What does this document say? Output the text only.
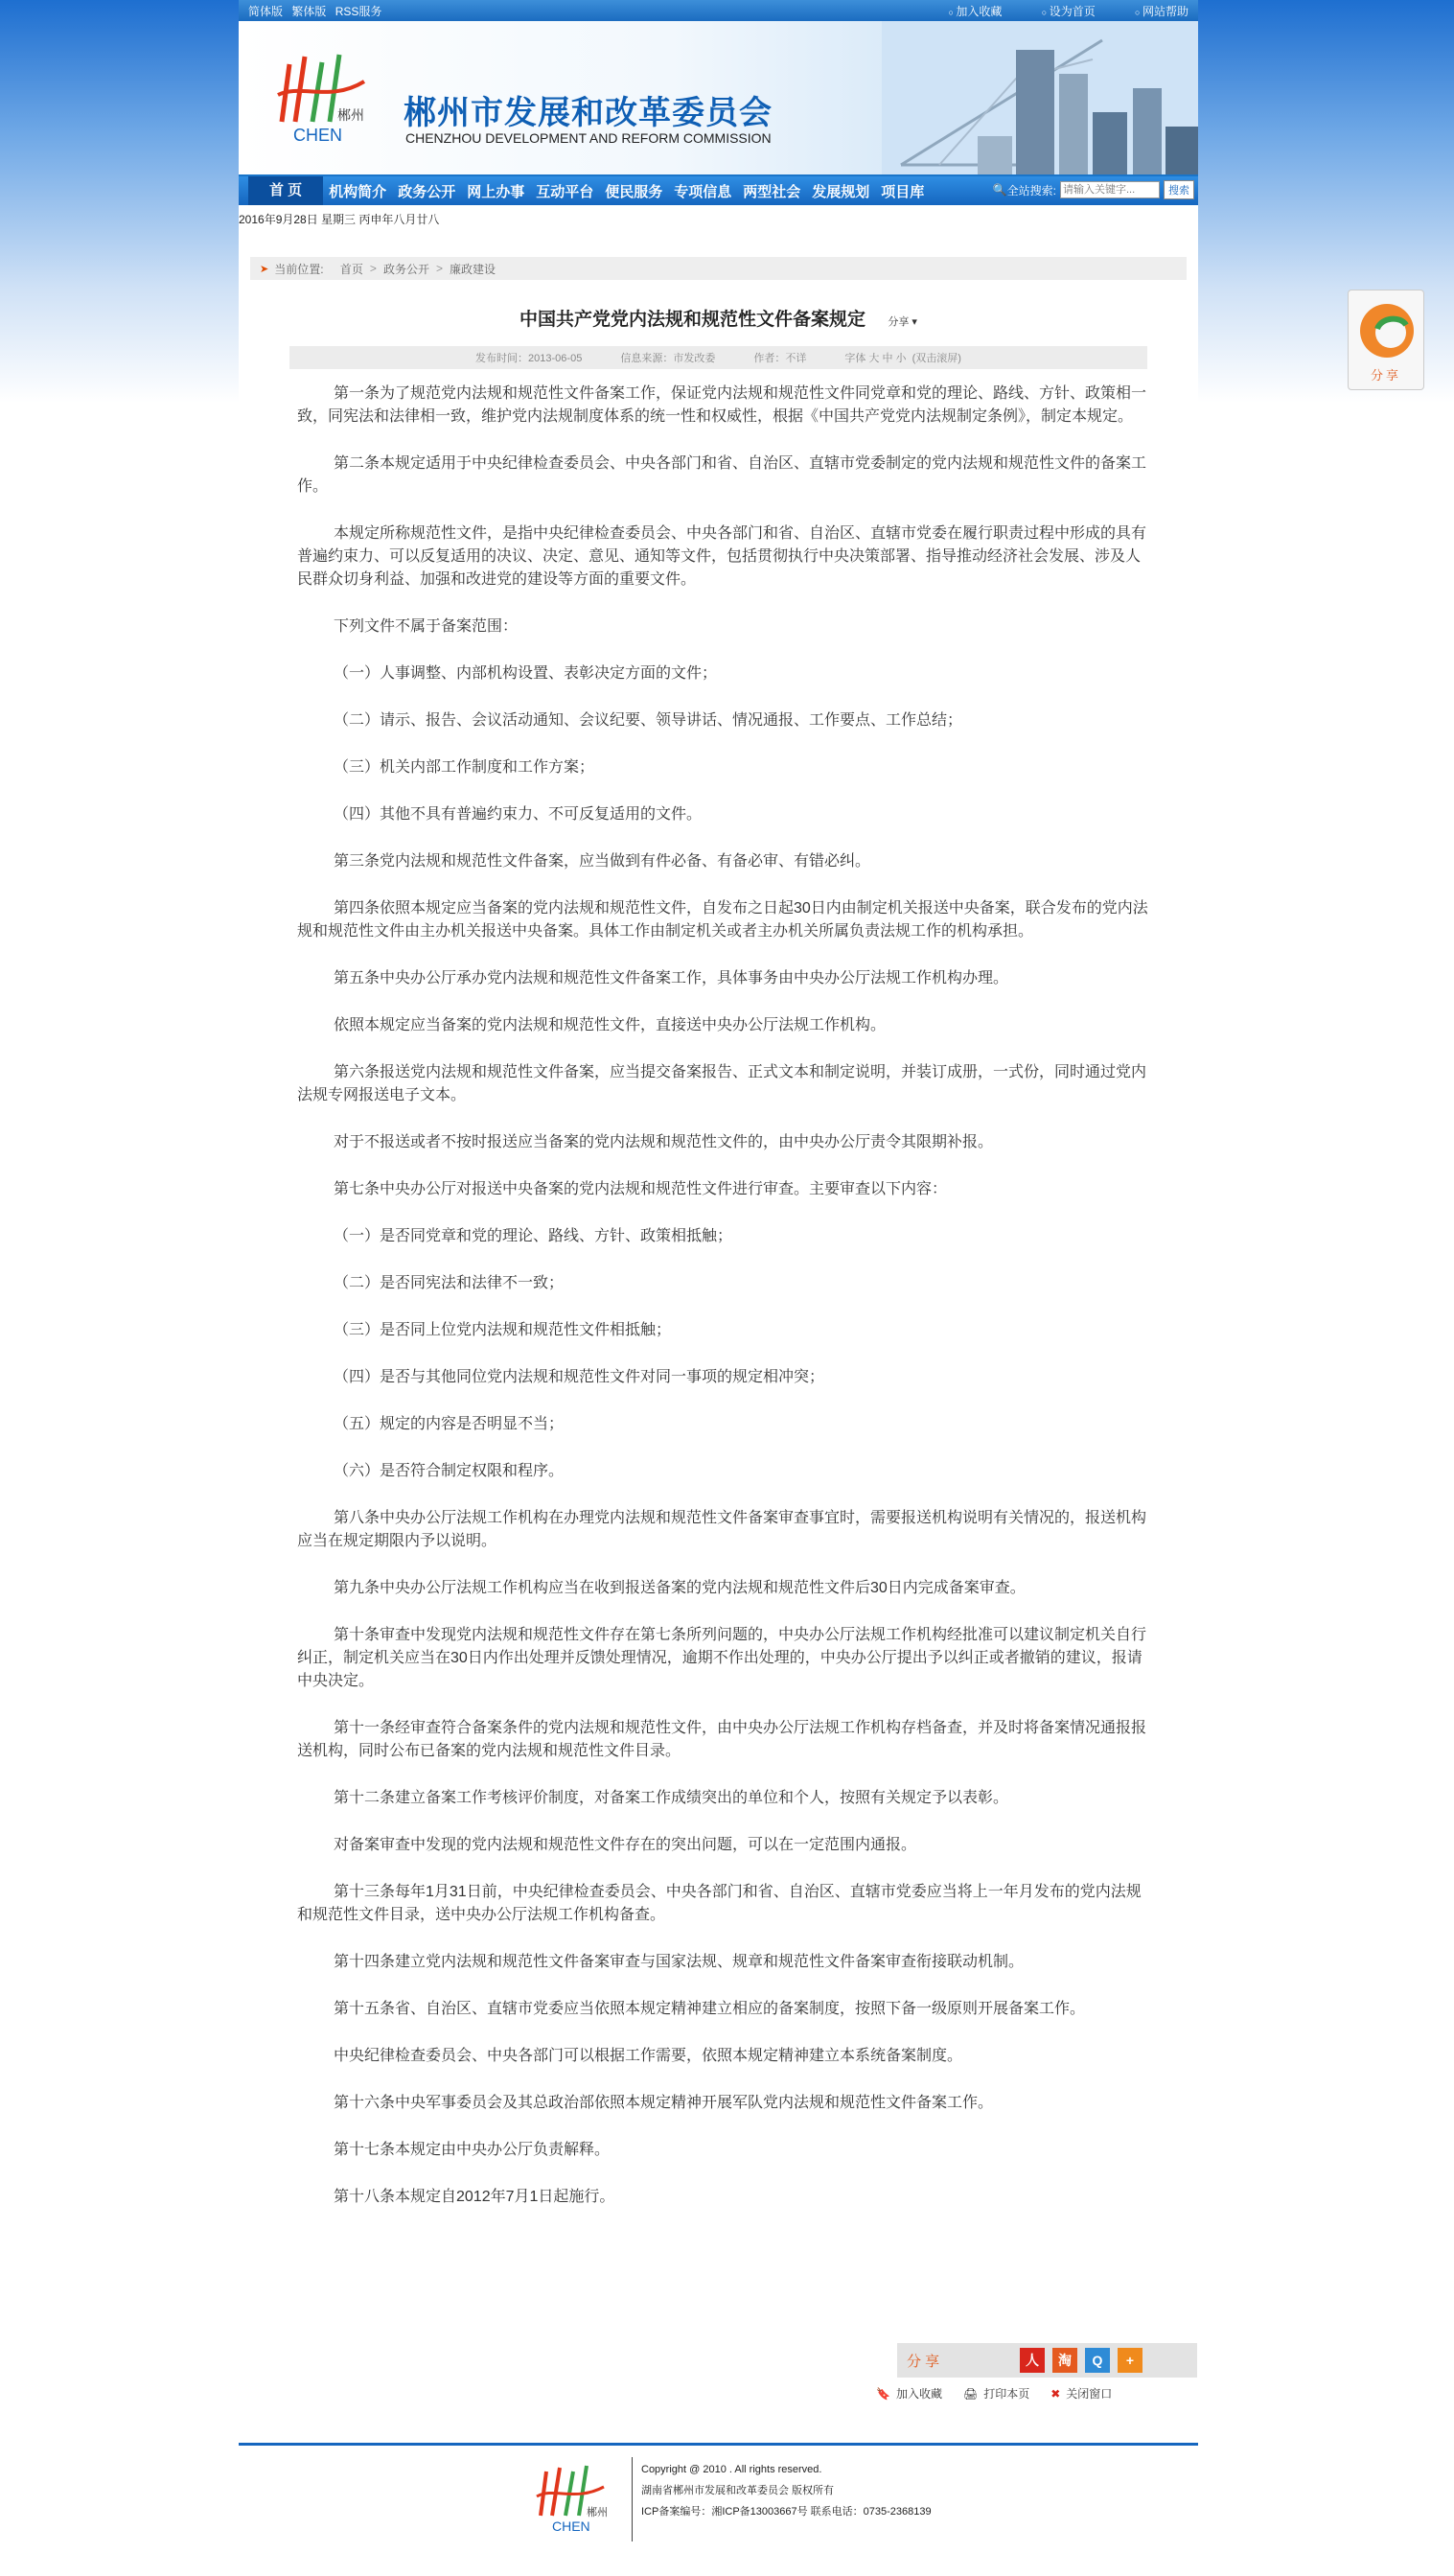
简体版 繁体版 RSS服务	○ 加入收藏	○ 设为首页	○ 网站帮助
郴州
CHEN
郴州市发展和改革委员会
CHENZHOU DEVELOPMENT AND REFORM COMMISSION
首 页	机构简介 政务公开 网上办事 互动平台 便民服务 专项信息 两型社会 发展规划 项目库	🔍 全站搜索:
请输入关键字...	搜索
2016年9月28日 星期三 丙申年八月廿八
➤ 当前位置:
首页 > 政务公开 > 廉政建设
中国共产党党内法规和规范性文件备案规定 分享 ▾
发布时间：2013-06-05	信息来源：市发改委	作者：不详	字体 大 中 小 (双击滚屏)

第一条为了规范党内法规和规范性文件备案工作，保证党内法规和规范性文件同党章和党的理论、路线、方针、政策相一致，同宪法和法律相一致，维护党内法规制度体系的统一性和权威性，根据《中国共产党党内法规制定条例》，制定本规定。

第二条本规定适用于中央纪律检查委员会、中央各部门和省、自治区、直辖市党委制定的党内法规和规范性文件的备案工作。

本规定所称规范性文件，是指中央纪律检查委员会、中央各部门和省、自治区、直辖市党委在履行职责过程中形成的具有普遍约束力、可以反复适用的决议、决定、意见、通知等文件，包括贯彻执行中央决策部署、指导推动经济社会发展、涉及人民群众切身利益、加强和改进党的建设等方面的重要文件。

下列文件不属于备案范围：

（一）人事调整、内部机构设置、表彰决定方面的文件；

（二）请示、报告、会议活动通知、会议纪要、领导讲话、情况通报、工作要点、工作总结；

（三）机关内部工作制度和工作方案；

（四）其他不具有普遍约束力、不可反复适用的文件。

第三条党内法规和规范性文件备案，应当做到有件必备、有备必审、有错必纠。

第四条依照本规定应当备案的党内法规和规范性文件，自发布之日起30日内由制定机关报送中央备案，联合发布的党内法规和规范性文件由主办机关报送中央备案。具体工作由制定机关或者主办机关所属负责法规工作的机构承担。

第五条中央办公厅承办党内法规和规范性文件备案工作，具体事务由中央办公厅法规工作机构办理。

依照本规定应当备案的党内法规和规范性文件，直接送中央办公厅法规工作机构。

第六条报送党内法规和规范性文件备案，应当提交备案报告、正式文本和制定说明，并装订成册，一式份，同时通过党内法规专网报送电子文本。

对于不报送或者不按时报送应当备案的党内法规和规范性文件的，由中央办公厅责令其限期补报。

第七条中央办公厅对报送中央备案的党内法规和规范性文件进行审查。主要审查以下内容：

（一）是否同党章和党的理论、路线、方针、政策相抵触；

（二）是否同宪法和法律不一致；

（三）是否同上位党内法规和规范性文件相抵触；

（四）是否与其他同位党内法规和规范性文件对同一事项的规定相冲突；

（五）规定的内容是否明显不当；

（六）是否符合制定权限和程序。

第八条中央办公厅法规工作机构在办理党内法规和规范性文件备案审查事宜时，需要报送机构说明有关情况的，报送机构应当在规定期限内予以说明。

第九条中央办公厅法规工作机构应当在收到报送备案的党内法规和规范性文件后30日内完成备案审查。

第十条审查中发现党内法规和规范性文件存在第七条所列问题的，中央办公厅法规工作机构经批准可以建议制定机关自行纠正，制定机关应当在30日内作出处理并反馈处理情况，逾期不作出处理的，中央办公厅提出予以纠正或者撤销的建议，报请中央决定。

第十一条经审查符合备案条件的党内法规和规范性文件，由中央办公厅法规工作机构存档备查，并及时将备案情况通报报送机构，同时公布已备案的党内法规和规范性文件目录。

第十二条建立备案工作考核评价制度，对备案工作成绩突出的单位和个人，按照有关规定予以表彰。

对备案审查中发现的党内法规和规范性文件存在的突出问题，可以在一定范围内通报。

第十三条每年1月31日前，中央纪律检查委员会、中央各部门和省、自治区、直辖市党委应当将上一年月发布的党内法规和规范性文件目录，送中央办公厅法规工作机构备查。

第十四条建立党内法规和规范性文件备案审查与国家法规、规章和规范性文件备案审查衔接联动机制。

第十五条省、自治区、直辖市党委应当依照本规定精神建立相应的备案制度，按照下备一级原则开展备案工作。

中央纪律检查委员会、中央各部门可以根据工作需要，依照本规定精神建立本系统备案制度。

第十六条中央军事委员会及其总政治部依照本规定精神开展军队党内法规和规范性文件备案工作。

第十七条本规定由中央办公厅负责解释。

第十八条本规定自2012年7月1日起施行。

分 享	人	淘	Q	+
🔖 加入收藏 🖨 打印本页 ✖ 关闭窗口
郴州
CHEN
Copyright @ 2010 . All rights reserved.
湖南省郴州市发展和改革委员会 版权所有
ICP备案编号：湘ICP备13003667号 联系电话：0735-2368139
分享
